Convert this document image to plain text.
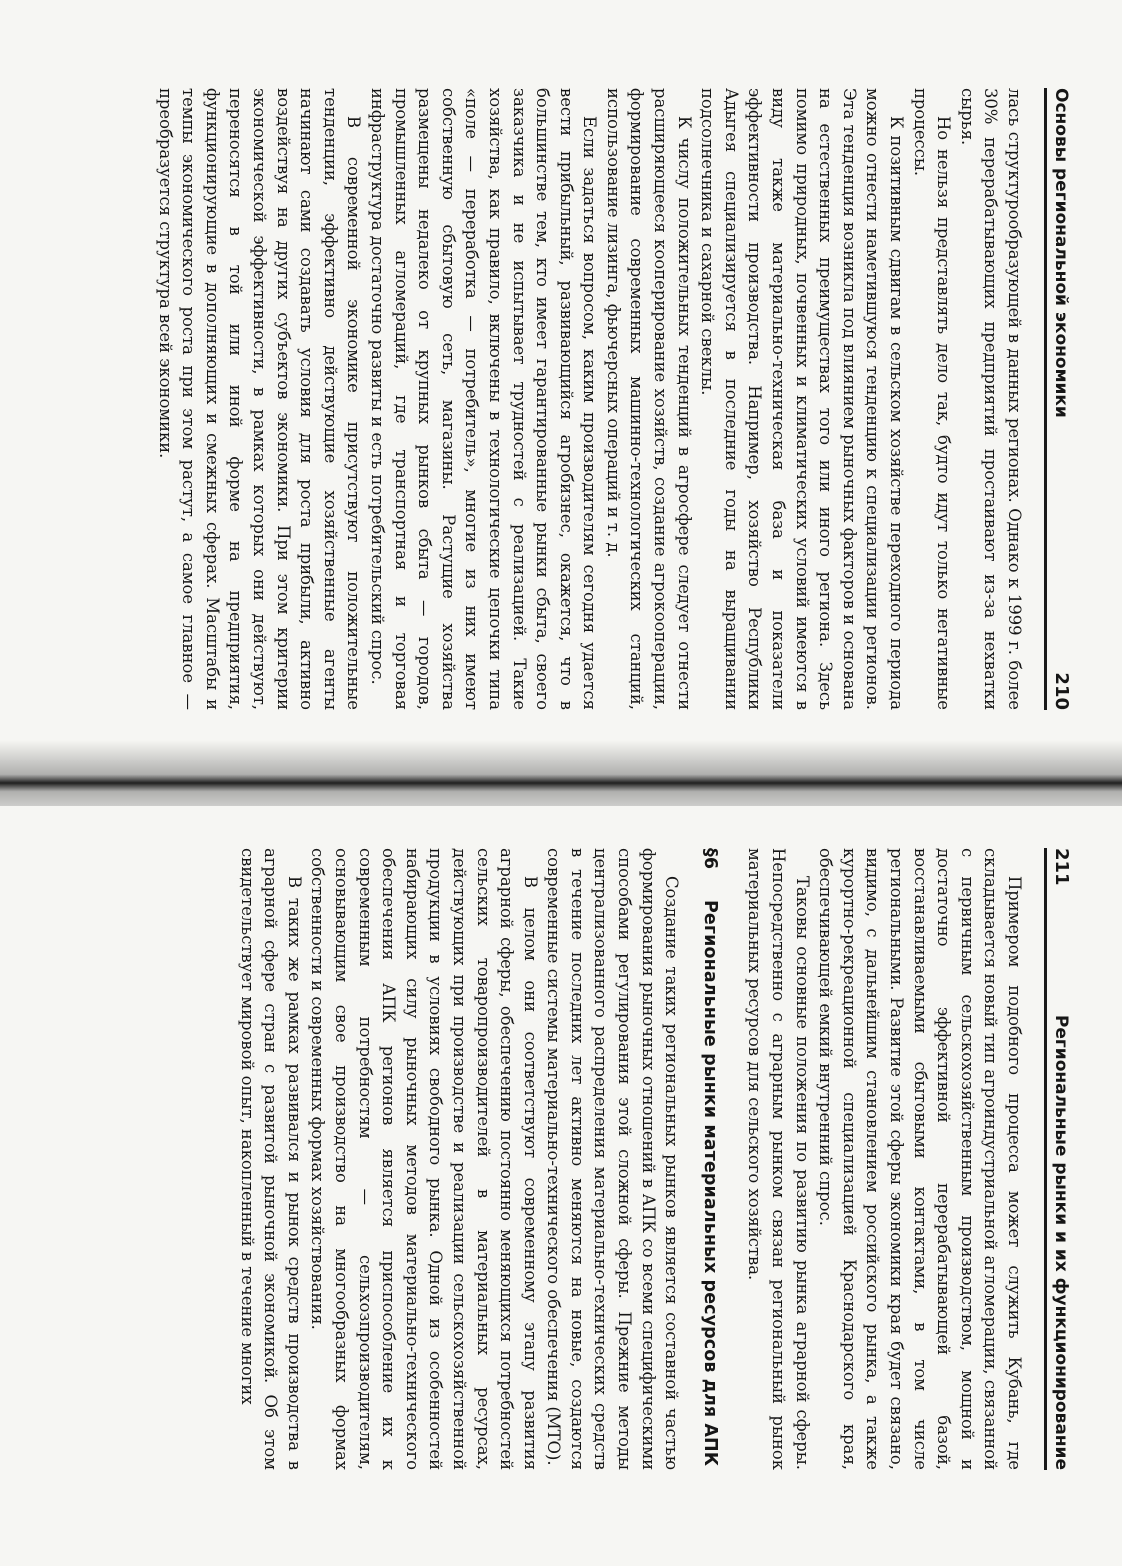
Основы региональной экономики
210

лась структурообразующей в данных регионах. Однако к 1999 г. более 30% перерабатывающих предприятий простаивают из-за нехватки сырья.

Но нельзя представлять дело так, будто идут только негативные процессы.

К позитивным сдвигам в сельском хозяйстве переходного периода можно отнести наметившуюся тенденцию к специализации регионов. Эта тенденция возникла под влиянием рыночных факторов и основана на естественных преимуществах того или иного региона. Здесь помимо природных, почвенных и климатических условий имеются в виду также материально-техническая база и показатели эффективности производства. Например, хозяйство Республики Адыгея специализируется в последние годы на выращивании подсолнечника и сахарной свеклы.

К числу положительных тенденций в агросфере следует отнести расширяющееся кооперирование хозяйств, создание агрокооперации, формирование современных машинно-технологических станций, использование лизинга, фьючерсных операций и т. д.

Если задаться вопросом, каким производителям сегодня удается вести прибыльный, развивающийся агробизнес, окажется, что в большинстве тем, кто имеет гарантированные рынки сбыта, своего заказчика и не испытывает трудностей с реализацией. Такие хозяйства, как правило, включены в технологические цепочки типа «поле — переработка — потребитель», многие из них имеют собственную сбытовую сеть, магазины. Растущие хозяйства размещены недалеко от крупных рынков сбыта — городов, промышленных агломераций, где транспортная и торговая инфраструктура достаточно развиты и есть потребительский спрос.

В современной экономике присутствуют положительные тенденции, эффективно действующие хозяйственные агенты начинают сами создавать условия для роста прибыли, активно воздействуя на других субъектов экономики. При этом критерии экономической эффективности, в рамках которых они действуют, переносятся в той или иной форме на предприятия, функционирующие в дополняющих и смежных сферах. Масштабы и темпы экономического роста при этом растут, а самое главное — преобразуется структура всей экономики.

211
Региональные рынки и их функционирование

Примером подобного процесса может служить Кубань, где складывается новый тип агроиндустриальной агломерации, связанной с первичным сельскохозяйственным производством, мощной и достаточно эффективной перерабатывающей базой, восстанавливаемыми сбытовыми контактами, в том числе региональными. Развитие этой сферы экономики края будет связано, видимо, с дальнейшим становлением российского рынка, а также курортно-рекреационной специализацией Краснодарского края, обеспечивающей емкий внутренний спрос.

Таковы основные положения по развитию рынка аграрной сферы. Непосредственно с аграрным рынком связан региональный рынок материальных ресурсов для сельского хозяйства.

§6
Региональные рынки материальных ресурсов для АПК

Создание таких региональных рынков является составной частью формирования рыночных отношений в АПК со всеми специфическими способами регулирования этой сложной сферы. Прежние методы централизованного распределения материально-технических средств в течение последних лет активно меняются на новые, создаются современные системы материально-технического обеспечения (МТО).

В целом они соответствуют современному этапу развития аграрной сферы, обеспечению постоянно меняющихся потребностей сельских товаропроизводителей в материальных ресурсах, действующих при производстве и реализации сельскохозяйственной продукции в условиях свободного рынка. Одной из особенностей набирающих силу рыночных методов материально-технического обеспечения АПК регионов является приспособление их к современным потребностям — сельхозпроизводителям, основывающим свое производство на многообразных формах собственности и современных формах хозяйствования.

В таких же рамках развивался и рынок средств производства в аграрной сфере стран с развитой рыночной экономикой. Об этом свидетельствует мировой опыт, накопленный в течение многих
